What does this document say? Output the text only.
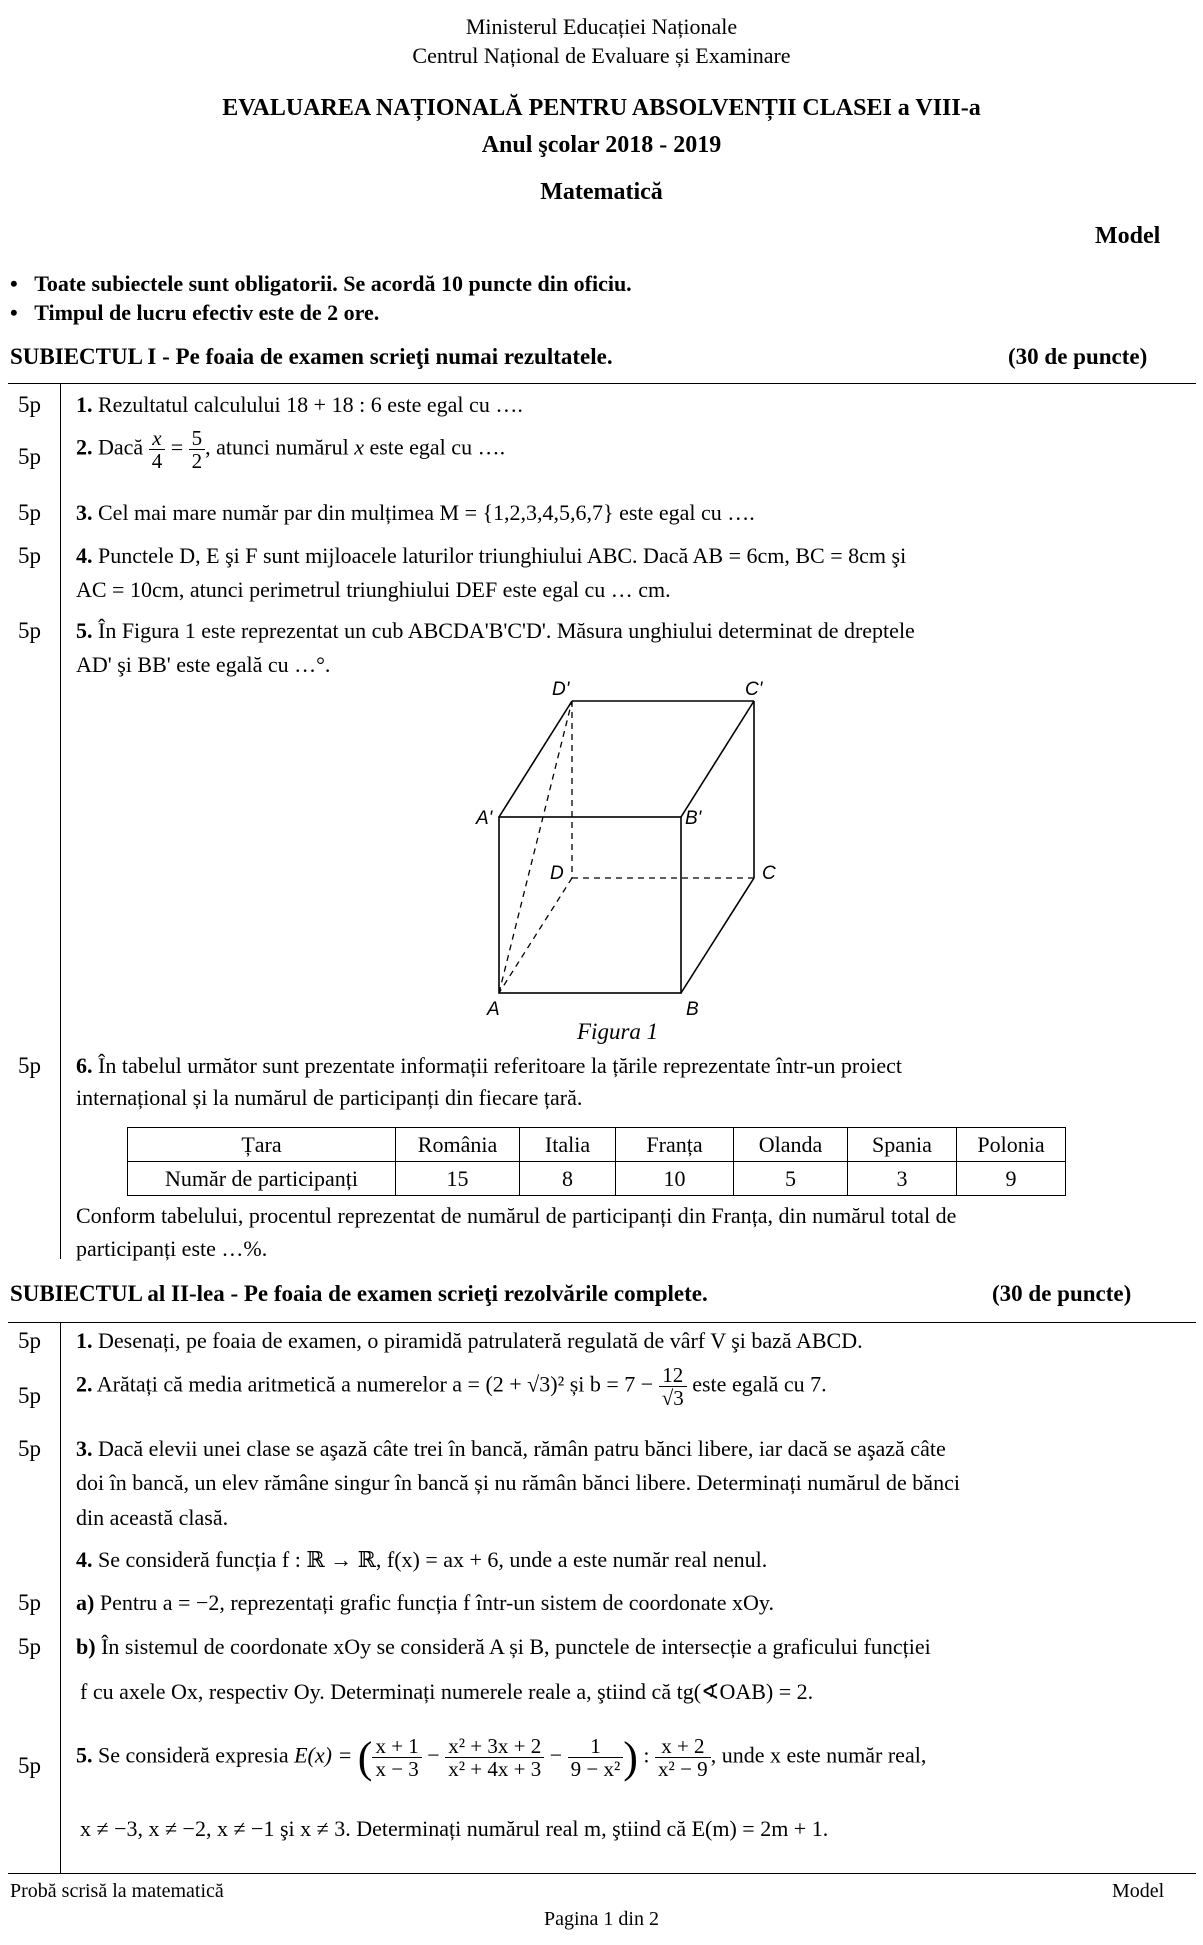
Ministerul Educației Naționale
Centrul Național de Evaluare și Examinare
EVALUAREA NAȚIONALĂ PENTRU ABSOLVENȚII CLASEI a VIII-a
Anul şcolar 2018 - 2019
Matematică
Model
•   Toate subiectele sunt obligatorii. Se acordă 10 puncte din oficiu.
•   Timpul de lucru efectiv este de 2 ore.
SUBIECTUL I - Pe foaia de examen scrieţi numai rezultatele.	(30 de puncte)
5p 1. Rezultatul calculului 18 + 18 : 6 este egal cu ….
5p 2. Dacă $\frac{x}{4} = \frac{5}{2}$ , atunci numărul x este egal cu ….
5p 3. Cel mai mare număr par din mulțimea M = {1,2,3,4,5,6,7} este egal cu ….
5p 4. Punctele D, E şi F sunt mijloacele laturilor triunghiului ABC. Dacă AB = 6cm, BC = 8cm şi
AC = 10cm, atunci perimetrul triunghiului DEF este egal cu … cm.
5p 5. În Figura 1 este reprezentat un cub ABCDA'B'C'D'. Măsura unghiului determinat de dreptele
AD' şi BB' este egală cu …°.
D'	C'
A'	B'
D	C
A	B
Figura 1
5p 6. În tabelul următor sunt prezentate informații referitoare la țările reprezentate într-un proiect
internațional și la numărul de participanți din fiecare țară.
Țara	România	Italia	Franța	Olanda	Spania	Polonia
Număr de participanți	15	8	10	5	3	9
Conform tabelului, procentul reprezentat de numărul de participanți din Franța, din numărul total de
participanți este …%.
SUBIECTUL al II-lea - Pe foaia de examen scrieţi rezolvările complete.	(30 de puncte)
5p 1. Desenați, pe foaia de examen, o piramidă patrulateră regulată de vârf V şi bază ABCD.
5p 2. Arătați că media aritmetică a numerelor a = (2 + √3)² și $b = 7 - \frac{12}{√3}$ este egală cu 7.
5p 3. Dacă elevii unei clase se aşază câte trei în bancă, rămân patru bănci libere, iar dacă se aşază câte
doi în bancă, un elev rămâne singur în bancă și nu rămân bănci libere. Determinați numărul de bănci
din această clasă.
4. Se consideră funcția f : ℝ → ℝ, f(x) = ax + 6, unde a este număr real nenul.
5p a) Pentru a = −2, reprezentați grafic funcția f într-un sistem de coordonate xOy.
5p b) În sistemul de coordonate xOy se consideră A și B, punctele de intersecție a graficului funcției
f cu axele Ox, respectiv Oy. Determinați numerele reale a, ştiind că tg(∢OAB) = 2.
5p 5. Se consideră expresia E(x) = ( $\frac{x + 1}{x - 3} - \frac{\text{x² + 3x + 2}}{\text{x² + 4x + 3}} - \frac{1}{\text{9 − x²}}$ ) : $\frac{x + 2}{\text{x² − 9}}$ , unde x este număr real,
x ≠ −3, x ≠ −2, x ≠ −1 şi x ≠ 3. Determinați numărul real m, ştiind că E(m) = 2m + 1.
Probă scrisă la matematică	Model
Pagina 1 din 2
